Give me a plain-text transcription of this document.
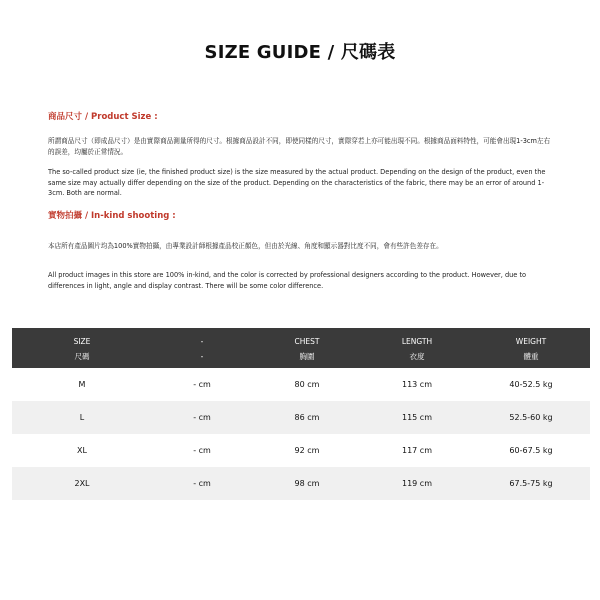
SIZE GUIDE / 尺碼表
商品尺寸 / Product Size :
所謂商品尺寸（即成品尺寸）是由實際商品測量所得的尺寸。根據商品設計不同，即使同樣的尺寸，實際穿若上亦可能出現不同。根據商品面料特性，可能會出現1-3cm左右的誤差，均屬於正常情況。
The so-called product size (ie, the finished product size) is the size measured by the actual product. Depending on the design of the product, even the same size may actually differ depending on the size of the product. Depending on the characteristics of the fabric, there may be an error of around 1-3cm. Both are normal.
實物拍攝 / In-kind shooting :
本店所有產品圖片均為100%實物拍攝，由專業設計師根據產品校正顏色，但由於光線、角度和顯示器對比度不同，會有些許色差存在。
All product images in this store are 100% in-kind, and the color is corrected by professional designers according to the product. However, due to differences in light, angle and display contrast. There will be some color difference.
SIZE	-	CHEST	LENGTH	WEIGHT
尺碼	-	胸圍	衣度	體重
M	- cm	80 cm	113 cm	40-52.5 kg
L	- cm	86 cm	115 cm	52.5-60 kg
XL	- cm	92 cm	117 cm	60-67.5 kg
2XL	- cm	98 cm	119 cm	67.5-75 kg
